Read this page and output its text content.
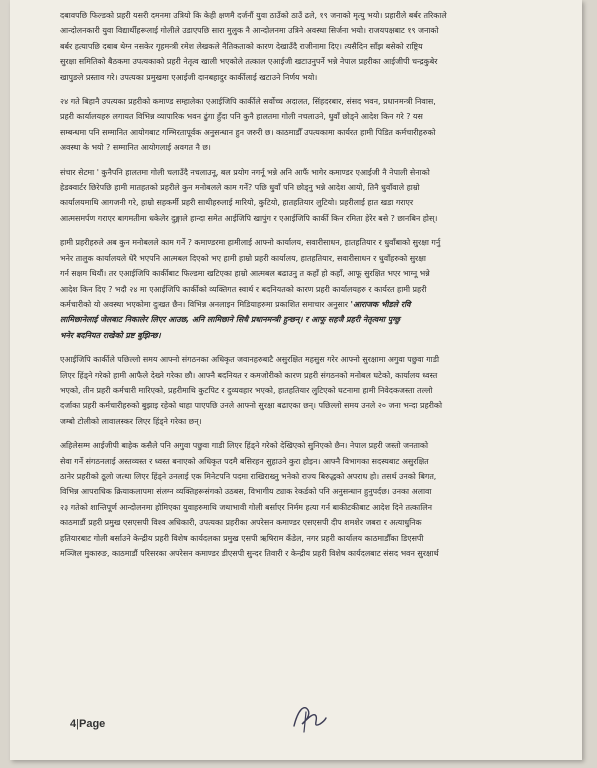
दबावपछि फिल्डको प्रहरी यसरी दमनमा उत्रियो कि केही क्षणमै दर्जनौं युवा ठाउँको ठाउँ ढले, १९ जनाको मृत्यु भयो। प्रहारीले बर्बर तरिकाले
आन्दोलनकारी युवा विद्यार्थीहरूलाई गोलीले उडाएपछि सारा मुलुक नै आन्दोलनमा उत्रिने अवस्था सिर्जना भयो। राजयपक्षबाट १९ जनाको
बर्बर हत्यापछि दबाब थेग्न नसकेर गृहमन्त्री रमेश लेखकले नैतिकताको कारण देखाउँदै राजीनामा दिए। त्यसैदिन साँझ बसेको राष्ट्रिय
सुरक्षा समितिको बैठकमा उपत्यकाको प्रहरी नेतृत्व खाली भएकोले तत्काल एआईजी खटाउनुपर्ने भन्ने नेपाल प्रहरीका आईजीपी चन्द्रकुबेर
खापुङले प्रस्ताव गरे। उपत्यका प्रमुखमा एआईजी दानबहादुर कार्कीलाई खटाउने निर्णय भयो।
२४ गते बिहानै उपत्यका प्रहरीको कमाण्ड सम्हालेका एआईजिपि कार्कीले सर्वोच्च अदालत, सिंहदरबार, संसद भवन, प्रधानमन्त्री निवास,
प्रहरी कार्यालयहरु लगायत विभिन्न व्यापारिक भवन ढुंगा हुँदा पनि कुनै हालतमा गोली नचलाउने, धुवाँ छोड्ने आदेश किन गरे ? यस
सम्बन्धमा पनि सम्मानित आयोगबाट गम्भिरतापूर्वक अनुसन्धान हुन जरुरी छ। काठमाडौँ उपत्यकामा कार्यरत हामी पिडित कर्मचारीहरुको
अवस्था के भयो ? सम्मानित आयोगलाई अवगत नै छ।
संचार सेटमा ' कुनैपनि हालतमा गोली चलाउँदै नचलाउनू, बल प्रयोग नगर्नू भन्ने अनि आफैं भागेर कमाण्डर एआईजी नै नेपाली सेनाको
हेडक्वार्टर छिरेपछि हामी मातहतको प्रहरीले कुन मनोबलले काम गर्ने? पछि धुवाँ पनि छोड्नु भन्ने आदेश आयो, तिनै धुवाँवाले हाम्रो
कार्यालयमाथि आगजनी गरे, हाम्रो सहकर्मी प्रहरी साथीहरुलाई मारियो, कुटियो, हातहतियार लुटियो। प्रहरीलाई हात खडा गराएर
आत्मसमर्पण गराएर बागमतीमा धकेलेर दुङ्गाले हान्दा समेत आईजिपि खापुंग र एआईजिपि कार्की किन रमिता हेरेर बसे ? छानबिन होस्।
हामी प्रहरीहरुले अब कुन मनोबलले काम गर्ने ? कमाण्डरमा हामीलाई आफ्नो कार्यालय, सवारीसाधन, हातहतियार र धुवाँबाको सुरक्षा गर्नु
भनेर तालुक कार्यालयले धेरै भएपनि आत्मबल दिएको भए हामी हाम्रो प्रहरी कार्यालय, हातहतियार, सवारीसाधन र धुवाँहरुको सुरक्षा
गर्न सक्षम थियौं। तर एआईजिपि कार्कीबाट फिल्डमा खटिएका हाम्रो आत्मबल बढाउनु त कहाँ हो कहाँ, आफू सुरक्षित भएर भाग्नू भन्ने
आदेश किन दिए ? भदौ २४ मा एआईजिपि कार्कीको व्यक्तिगत स्वार्थ र बदनियतको कारण प्रहरी कार्यालयहरु र कार्यरत हामी प्रहरी
कर्मचारीको यो अवस्था भएकोमा दुःखत छैन। विभिन्न अनलाइन मिडियाहरुमा प्रकाशित समाचार अनुसार 'आराजक भीडले रवि
लामिछानेलाई जेलबाट निकालेर लिएर आउछ, अनि लामिछाने सिधै प्रधानमन्त्री हुन्छन्। र आफू सहजै प्रहरी नेतृत्वमा पुग्छु
भनेर बदनियत राखेको प्रष्ट बुझिन्छ।
एआईजिपि कार्कीले पछिल्लो समय आफ्नो संगठनका अधिकृत जवानहरुबाटै असुरक्षित महसुस गरेर आफ्नो सुरक्षामा अगुवा पछुवा गाडी
लिएर हिंड्ने गरेको हामी आफैले देख्ने गरेका छौ। आफ्नै बदनियत र कमजोरीको कारण प्रहरी संगठनको मनोबल घटेको, कार्यालय ध्वस्त
भएको, तीन प्रहरी कर्मचारी मारिएको, प्रहरीमाथि कुटपिट र दुव्यवहार भएको, हातहतियार लुटिएको घटनामा हामी निवेदकजस्ता तल्लो
दर्जाका प्रहरी कर्मचारीहरुको बुझाइ रहेको थाहा पाएपछि उनले आफ्नो सुरक्षा बढाएका छन्। पछिल्लो समय उनले २० जना भन्दा प्रहरीको
जम्बो टोलीको लावालस्कर लिएर हिंड्ने गरेका छन्।
अहिलेसम्म आईजीपी बाहेक कसैले पनि अगुवा पछुवा गाडी लिएर हिंड्ने गरेको देखिएको सुनिएको छैन। नेपाल प्रहरी जस्तो जनताको
सेवा गर्ने संगठनलाई अस्तव्यस्त र ध्वस्त बनाएको अधिकृत पदमै बसिरहन सुहाउने कुरा होइन। आफ्नै विभागका सदस्यबाट असुरक्षित
ठानेर प्रहरीको ठूलो जत्था लिएर हिंड्ने उनलाई एक मिनेटपनि पदमा राखिराख्नु भनेको राज्य बिरुद्धको अपराध हो। तसर्थ उनको बिगत,
विभिन्न आपराधिक क्रियाकलापमा संलग्न व्यक्तिहरूसंगको उठबस, विभागीय ट्याक रेकर्डको पनि अनुसन्धान हुनुपर्दछ। उनका अलावा
२३ गतेको शान्तिपूर्ण आन्दोलनमा होमिएका युवाहरुमाथि जथाभावी गोली बर्साएर निर्मम हत्या गर्न बाकीटकीबाट आदेश दिने तत्कालिन
काठमाडौं प्रहरी प्रमुख एसएसपी विश्व अधिकारी, उपत्यका प्रहरीका अपरेसन कमाण्डर एसएसपी दीप शमशेर जबरा र अत्याधुनिक
हतियारबाट गोली बर्साउने केन्द्रीय प्रहरी विशेष कार्यदलका प्रमुख एसपी ऋषिराम कँडेल, नगर प्रहरी कार्यालय काठमाडौँका डिएसपी
मञ्जिल मुकारुङ, काठमाडौं परिसरका अपरेसन कमाण्डर डीएसपी सुन्दर तिवारी र केन्द्रीय प्रहरी विशेष कार्यदलबाट संसद भवन सुरक्षार्थ
4|Page
